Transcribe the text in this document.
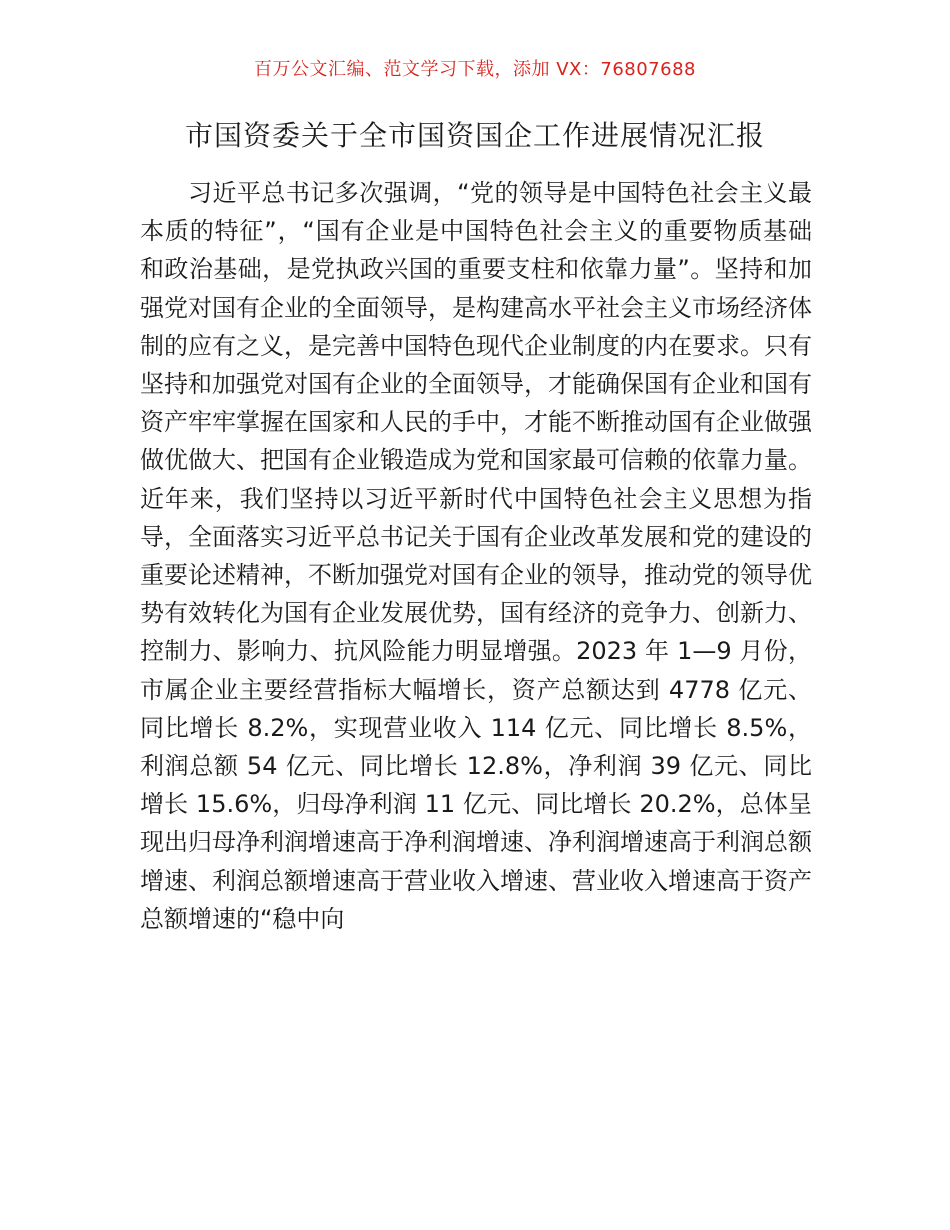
百万公文汇编、范文学习下载，添加 VX：76807688
市国资委关于全市国资国企工作进展情况汇报

习近平总书记多次强调，“党的领导是中国特色社会主义最本质的特征”，“国有企业是中国特色社会主义的重要物质基础和政治基础，是党执政兴国的重要支柱和依靠力量”。坚持和加强党对国有企业的全面领导，是构建高水平社会主义市场经济体制的应有之义，是完善中国特色现代企业制度的内在要求。只有坚持和加强党对国有企业的全面领导，才能确保国有企业和国有资产牢牢掌握在国家和人民的手中，才能不断推动国有企业做强做优做大、把国有企业锻造成为党和国家最可信赖的依靠力量。近年来，我们坚持以习近平新时代中国特色社会主义思想为指导，全面落实习近平总书记关于国有企业改革发展和党的建设的重要论述精神，不断加强党对国有企业的领导，推动党的领导优势有效转化为国有企业发展优势，国有经济的竞争力、创新力、控制力、影响力、抗风险能力明显增强。2023 年 1—9 月份，市属企业主要经营指标大幅增长，资产总额达到 4778 亿元、同比增长 8.2%，实现营业收入 114 亿元、同比增长 8.5%，利润总额 54 亿元、同比增长 12.8%，净利润 39 亿元、同比增长 15.6%，归母净利润 11 亿元、同比增长 20.2%，总体呈现出归母净利润增速高于净利润增速、净利润增速高于利润总额增速、利润总额增速高于营业收入增速、营业收入增速高于资产总额增速的“稳中向
